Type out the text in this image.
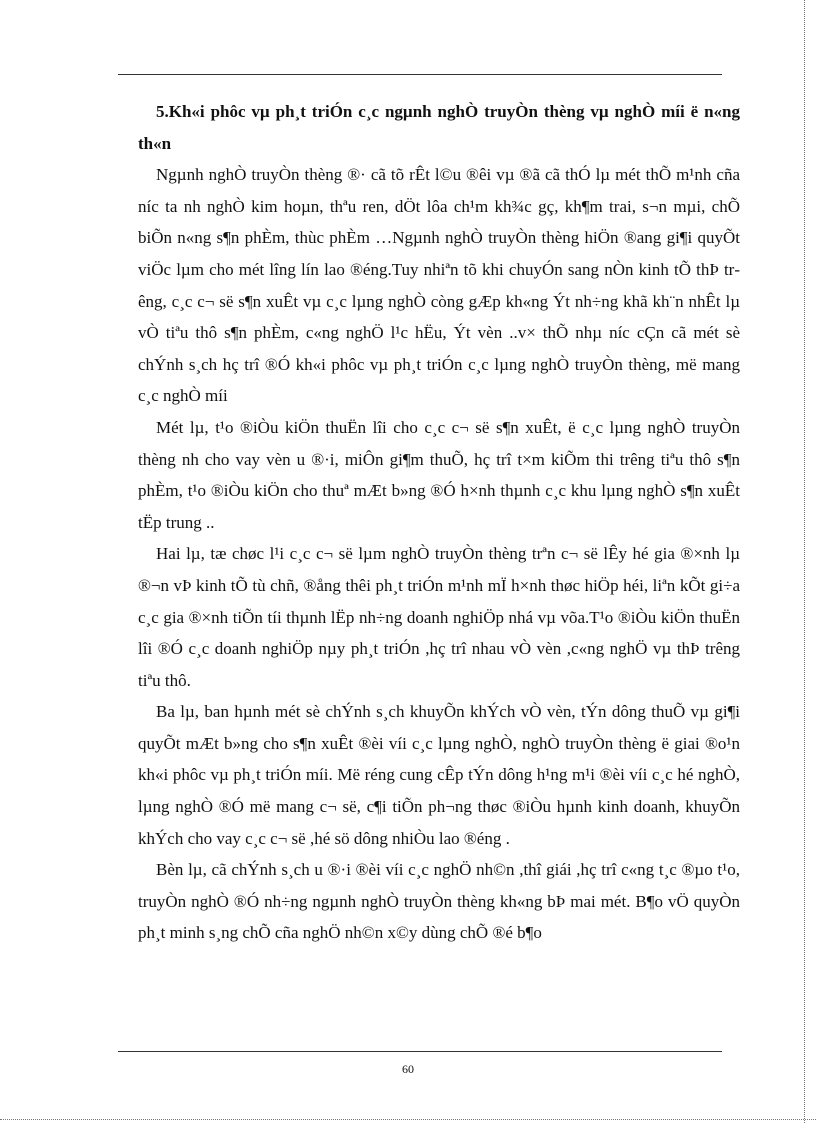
5.Kh«i phôc vµ ph¸t triÓn c¸c ngµnh nghÒ truyÒn thèng vµ nghÒ míi ë n«ng th«n

Ngµnh nghÒ truyÒn thèng ®· cã tõ rÊt l©u ®êi vµ ®ã cã thÓ lµ mét thÕ m¹nh cña níc ta nh nghÒ kim hoµn, thªu ren, dÖt lôa ch¹m kh¾c gç, kh¶m trai, s¬n mµi, chÕ biÕn n«ng s¶n phÈm, thùc phÈm …Ngµnh nghÒ truyÒn thèng hiÖn ®ang gi¶i quyÕt viÖc lµm cho mét lîng lín lao ®éng.Tuy nhiªn tõ khi chuyÓn sang nÒn kinh tÕ thÞ trêng, c¸c c¬ së s¶n xuÊt vµ c¸c lµng nghÒ còng gÆp kh«ng Ýt nh÷ng khã kh¨n nhÊt lµ vÒ tiªu thô s¶n phÈm, c«ng nghÖ l¹c hËu, Ýt vèn ..v× thÕ nhµ níc cÇn cã mét sè chÝnh s¸ch hç trî ®Ó kh«i phôc vµ ph¸t triÓn c¸c lµng nghÒ truyÒn thèng, më mang c¸c nghÒ míi

Mét lµ, t¹o ®iÒu kiÖn thuËn lîi cho c¸c c¬ së s¶n xuÊt, ë c¸c lµng nghÒ truyÒn thèng nh cho vay vèn u ®·i, miÔn gi¶m thuÕ, hç trî t×m kiÕm thi trêng tiªu thô s¶n phÈm, t¹o ®iÒu kiÖn cho thuª mÆt b»ng ®Ó h×nh thµnh c¸c khu lµng nghÒ s¶n xuÊt tËp trung ..

Hai lµ, tæ chøc l¹i c¸c c¬ së lµm nghÒ truyÒn thèng trªn c¬ së lÊy hé gia ®×nh lµ ®¬n vÞ kinh tÕ tù chñ, ®ång thêi ph¸t triÓn m¹nh mÏ h×nh thøc hiÖp héi, liªn kÕt gi÷a c¸c gia ®×nh tiÕn tíi thµnh lËp nh÷ng doanh nghiÖp nhá vµ võa.T¹o ®iÒu kiÖn thuËn lîi ®Ó c¸c doanh nghiÖp nµy ph¸t triÓn ,hç trî nhau vÒ vèn ,c«ng nghÖ vµ thÞ trêng tiªu thô.

Ba lµ, ban hµnh mét sè chÝnh s¸ch khuyÕn khÝch vÒ vèn, tÝn dông thuÕ vµ gi¶i quyÕt mÆt b»ng cho s¶n xuÊt ®èi víi c¸c lµng nghÒ, nghÒ truyÒn thèng ë giai ®o¹n kh«i phôc vµ ph¸t triÓn míi. Më réng cung cÊp tÝn dông h¹ng m¹i ®èi víi c¸c hé nghÒ, lµng nghÒ ®Ó më mang c¬ së, c¶i tiÕn ph¬ng thøc ®iÒu hµnh kinh doanh, khuyÕn khÝch cho vay c¸c c¬ së ,hé sö dông nhiÒu lao ®éng .

Bèn lµ, cã chÝnh s¸ch u ®·i ®èi víi c¸c nghÖ nh©n ,thî giái ,hç trî c«ng t¸c ®µo t¹o, truyÒn nghÒ ®Ó nh÷ng ngµnh nghÒ truyÒn thèng kh«ng bÞ mai mét. B¶o vÖ quyÒn ph¸t minh s¸ng chÕ cña nghÖ nh©n x©y dùng chÕ ®é b¶o

60
